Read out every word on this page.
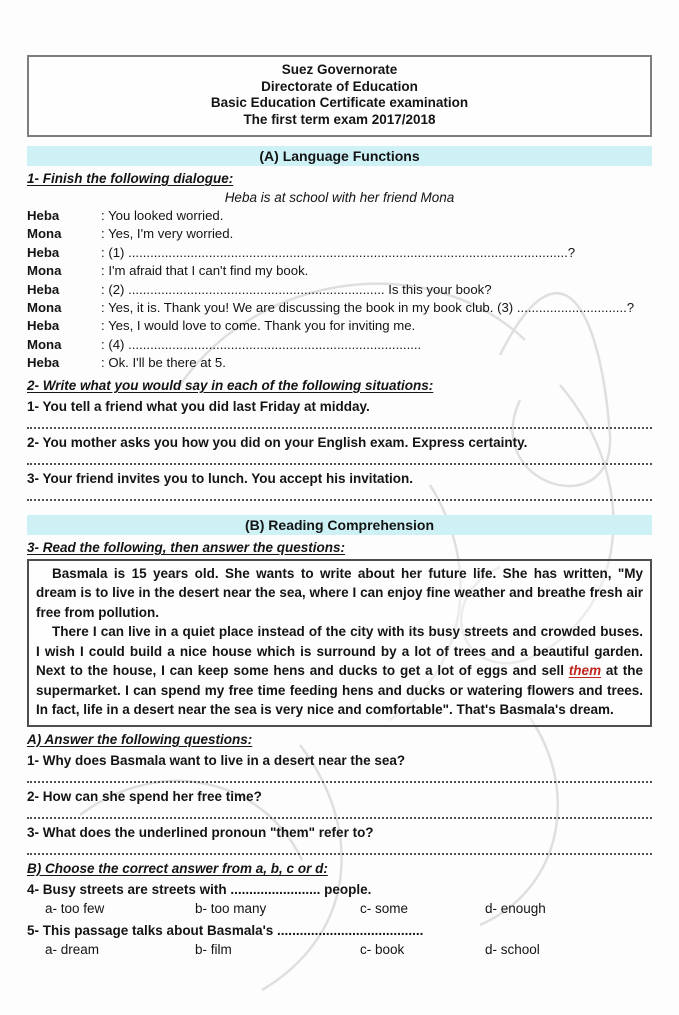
Suez Governorate
Directorate of Education
Basic Education Certificate examination
The first term exam 2017/2018
(A) Language Functions
1- Finish the following dialogue:
Heba is at school with her friend Mona
Heba	: You looked worried.
Mona	: Yes, I'm very worried.
Heba	: (1) ........................................................................................................................?
Mona	: I'm afraid that I can't find my book.
Heba	: (2) ...................................................................... Is this your book?
Mona	: Yes, it is. Thank you! We are discussing the book in my book club. (3) ..............................?
Heba	: Yes, I would love to come. Thank you for inviting me.
Mona	: (4) ................................................................................
Heba	: Ok. I'll be there at 5.
2- Write what you would say in each of the following situations:
1- You tell a friend what you did last Friday at midday.
2- You mother asks you how you did on your English exam. Express certainty.
3- Your friend invites you to lunch. You accept his invitation.
(B) Reading Comprehension
3- Read the following, then answer the questions:

Basmala is 15 years old. She wants to write about her future life. She has written, "My dream is to live in the desert near the sea, where I can enjoy fine weather and breathe fresh air free from pollution.

There I can live in a quiet place instead of the city with its busy streets and crowded buses. I wish I could build a nice house which is surround by a lot of trees and a beautiful garden. Next to the house, I can keep some hens and ducks to get a lot of eggs and sell them at the supermarket. I can spend my free time feeding hens and ducks or watering flowers and trees. In fact, life in a desert near the sea is very nice and comfortable". That's Basmala's dream.

A) Answer the following questions:
1- Why does Basmala want to live in a desert near the sea?
2- How can she spend her free time?
3- What does the underlined pronoun "them" refer to?
B) Choose the correct answer from a, b, c or d:
4- Busy streets are streets with ........................ people.
a- too few	b- too many	c- some	d- enough
5- This passage talks about Basmala's .......................................
a- dream	b- film	c- book	d- school
